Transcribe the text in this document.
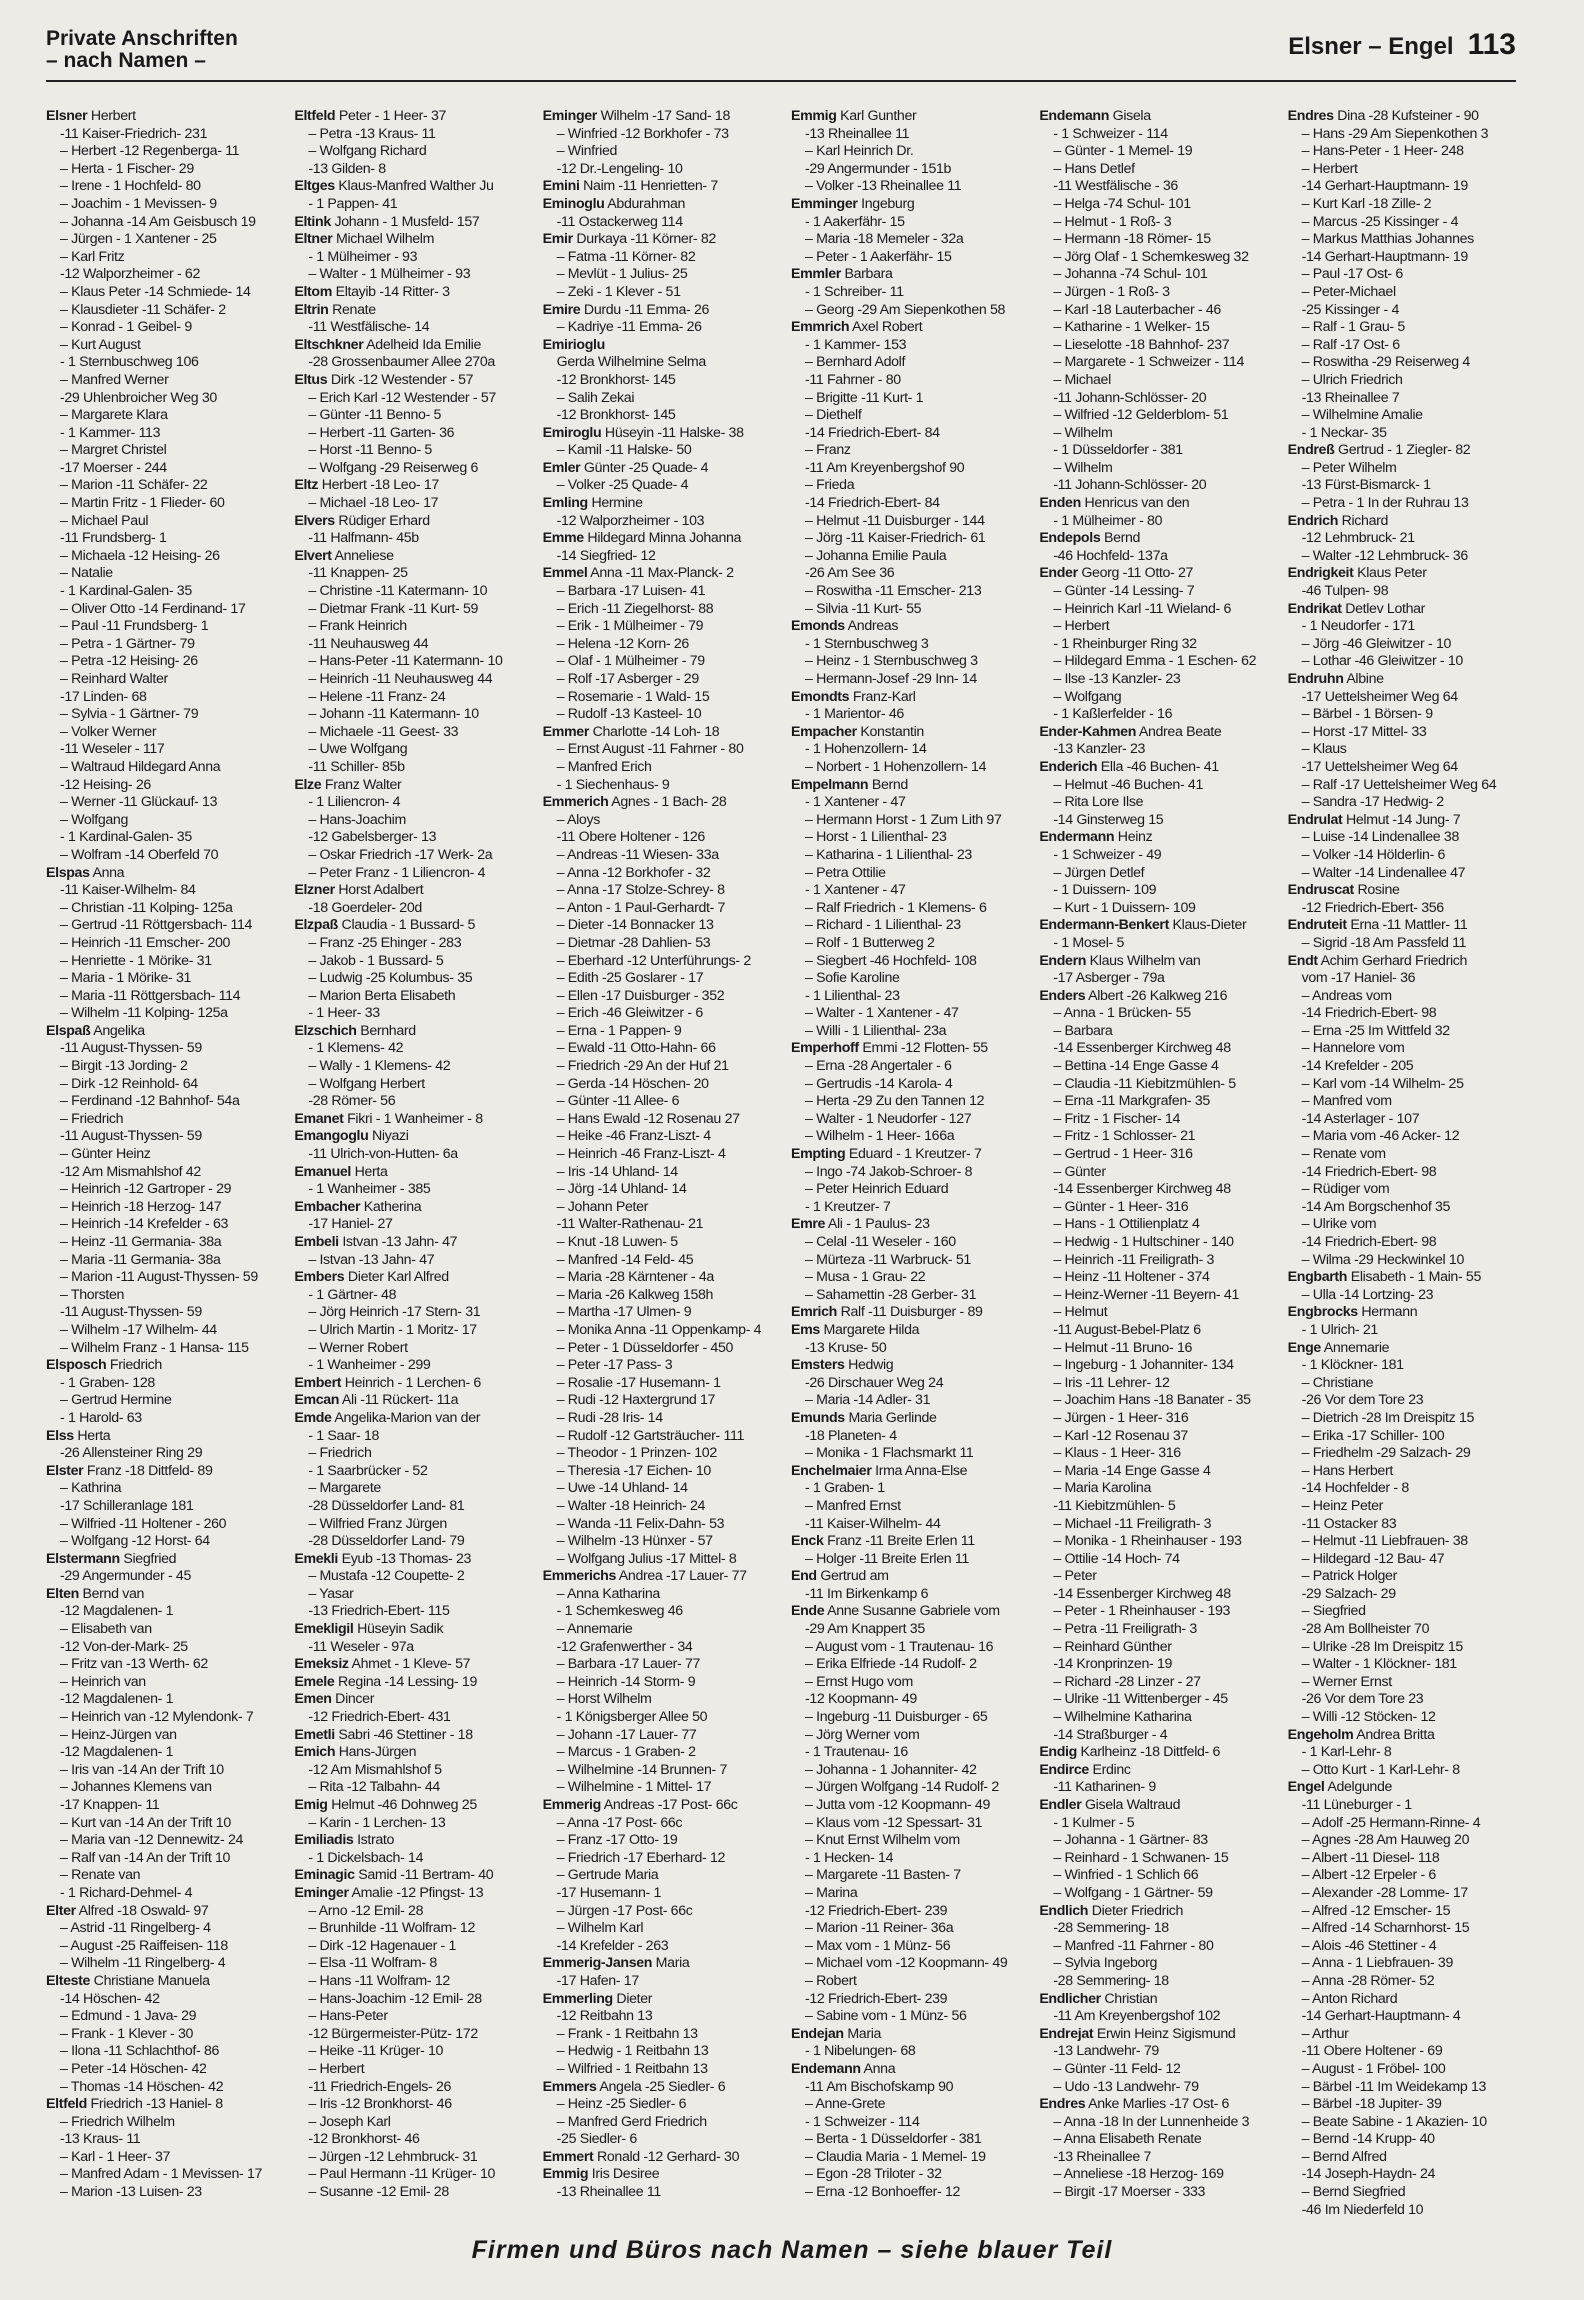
Private Anschriften
– nach Namen –
Elsner – Engel 113
Elsner Herbert
-11 Kaiser-Friedrich- 231
– Herbert -12 Regenberga- 11
– Herta - 1 Fischer- 29
– Irene - 1 Hochfeld- 80
– Joachim - 1 Mevissen- 9
– Johanna -14 Am Geisbusch 19
– Jürgen - 1 Xantener - 25
– Karl Fritz
-12 Walporzheimer - 62
– Klaus Peter -14 Schmiede- 14
– Klausdieter -11 Schäfer- 2
– Konrad - 1 Geibel- 9
– Kurt August
- 1 Sternbuschweg 106
– Manfred Werner
-29 Uhlenbroicher Weg 30
– Margarete Klara
- 1 Kammer- 113
– Margret Christel
-17 Moerser - 244
– Marion -11 Schäfer- 22
– Martin Fritz - 1 Flieder- 60
– Michael Paul
-11 Frundsberg- 1
– Michaela -12 Heising- 26
– Natalie
- 1 Kardinal-Galen- 35
– Oliver Otto -14 Ferdinand- 17
– Paul -11 Frundsberg- 1
– Petra - 1 Gärtner- 79
– Petra -12 Heising- 26
– Reinhard Walter
-17 Linden- 68
– Sylvia - 1 Gärtner- 79
– Volker Werner
-11 Weseler - 117
– Waltraud Hildegard Anna
-12 Heising- 26
– Werner -11 Glückauf- 13
– Wolfgang
- 1 Kardinal-Galen- 35
– Wolfram -14 Oberfeld 70
Elspas Anna
-11 Kaiser-Wilhelm- 84
– Christian -11 Kolping- 125a
– Gertrud -11 Röttgersbach- 114
– Heinrich -11 Emscher- 200
– Henriette - 1 Mörike- 31
– Maria - 1 Mörike- 31
– Maria -11 Röttgersbach- 114
– Wilhelm -11 Kolping- 125a
Elspaß Angelika
-11 August-Thyssen- 59
– Birgit -13 Jording- 2
– Dirk -12 Reinhold- 64
– Ferdinand -12 Bahnhof- 54a
– Friedrich
-11 August-Thyssen- 59
– Günter Heinz
-12 Am Mismahlshof 42
– Heinrich -12 Gartroper - 29
– Heinrich -18 Herzog- 147
– Heinrich -14 Krefelder - 63
– Heinz -11 Germania- 38a
– Maria -11 Germania- 38a
– Marion -11 August-Thyssen- 59
– Thorsten
-11 August-Thyssen- 59
– Wilhelm -17 Wilhelm- 44
– Wilhelm Franz - 1 Hansa- 115
Elsposch Friedrich
- 1 Graben- 128
– Gertrud Hermine
- 1 Harold- 63
Elss Herta
-26 Allensteiner Ring 29
Elster Franz -18 Dittfeld- 89
– Kathrina
-17 Schilleranlage 181
– Wilfried -11 Holtener - 260
– Wolfgang -12 Horst- 64
Elstermann Siegfried
-29 Angermunder - 45
Elten Bernd van
-12 Magdalenen- 1
– Elisabeth van
-12 Von-der-Mark- 25
– Fritz van -13 Werth- 62
– Heinrich van
-12 Magdalenen- 1
– Heinrich van -12 Mylendonk- 7
– Heinz-Jürgen van
-12 Magdalenen- 1
– Iris van -14 An der Trift 10
– Johannes Klemens van
-17 Knappen- 11
– Kurt van -14 An der Trift 10
– Maria van -12 Dennewitz- 24
– Ralf van -14 An der Trift 10
– Renate van
- 1 Richard-Dehmel- 4
Elter Alfred -18 Oswald- 97
– Astrid -11 Ringelberg- 4
– August -25 Raiffeisen- 118
– Wilhelm -11 Ringelberg- 4
Elteste Christiane Manuela
-14 Höschen- 42
– Edmund - 1 Java- 29
– Frank - 1 Klever - 30
– Ilona -11 Schlachthof- 86
– Peter -14 Höschen- 42
– Thomas -14 Höschen- 42
Eltfeld Friedrich -13 Haniel- 8
– Friedrich Wilhelm
-13 Kraus- 11
– Karl - 1 Heer- 37
– Manfred Adam - 1 Mevissen- 17
– Marion -13 Luisen- 23
Eltfeld Peter - 1 Heer- 37
– Petra -13 Kraus- 11
– Wolfgang Richard
-13 Gilden- 8
Eltges Klaus-Manfred Walther Ju
- 1 Pappen- 41
Eltink Johann - 1 Musfeld- 157
Eltner Michael Wilhelm
- 1 Mülheimer - 93
– Walter - 1 Mülheimer - 93
Eltom Eltayib -14 Ritter- 3
Eltrin Renate
-11 Westfälische- 14
Eltschkner Adelheid Ida Emilie
-28 Grossenbaumer Allee 270a
Eltus Dirk -12 Westender - 57
– Erich Karl -12 Westender - 57
– Günter -11 Benno- 5
– Herbert -11 Garten- 36
– Horst -11 Benno- 5
– Wolfgang -29 Reiserweg 6
Eltz Herbert -18 Leo- 17
– Michael -18 Leo- 17
Elvers Rüdiger Erhard
-11 Halfmann- 45b
Elvert Anneliese
-11 Knappen- 25
– Christine -11 Katermann- 10
– Dietmar Frank -11 Kurt- 59
– Frank Heinrich
-11 Neuhausweg 44
– Hans-Peter -11 Katermann- 10
– Heinrich -11 Neuhausweg 44
– Helene -11 Franz- 24
– Johann -11 Katermann- 10
– Michaele -11 Geest- 33
– Uwe Wolfgang
-11 Schiller- 85b
Elze Franz Walter
- 1 Liliencron- 4
– Hans-Joachim
-12 Gabelsberger- 13
– Oskar Friedrich -17 Werk- 2a
– Peter Franz - 1 Liliencron- 4
Elzner Horst Adalbert
-18 Goerdeler- 20d
Elzpaß Claudia - 1 Bussard- 5
– Franz -25 Ehinger - 283
– Jakob - 1 Bussard- 5
– Ludwig -25 Kolumbus- 35
– Marion Berta Elisabeth
- 1 Heer- 33
Elzschich Bernhard
- 1 Klemens- 42
– Wally - 1 Klemens- 42
– Wolfgang Herbert
-28 Römer- 56
Emanet Fikri - 1 Wanheimer - 8
Emangoglu Niyazi
-11 Ulrich-von-Hutten- 6a
Emanuel Herta
- 1 Wanheimer - 385
Embacher Katherina
-17 Haniel- 27
Embeli Istvan -13 Jahn- 47
– Istvan -13 Jahn- 47
Embers Dieter Karl Alfred
- 1 Gärtner- 48
– Jörg Heinrich -17 Stern- 31
– Ulrich Martin - 1 Moritz- 17
– Werner Robert
- 1 Wanheimer - 299
Embert Heinrich - 1 Lerchen- 6
Emcan Ali -11 Rückert- 11a
Emde Angelika-Marion van der
- 1 Saar- 18
– Friedrich
- 1 Saarbrücker - 52
– Margarete
-28 Düsseldorfer Land- 81
– Wilfried Franz Jürgen
-28 Düsseldorfer Land- 79
Emekli Eyub -13 Thomas- 23
– Mustafa -12 Coupette- 2
– Yasar
-13 Friedrich-Ebert- 115
Emekligil Hüseyin Sadik
-11 Weseler - 97a
Emeksiz Ahmet - 1 Kleve- 57
Emele Regina -14 Lessing- 19
Emen Dincer
-12 Friedrich-Ebert- 431
Emetli Sabri -46 Stettiner - 18
Emich Hans-Jürgen
-12 Am Mismahlshof 5
– Rita -12 Talbahn- 44
Emig Helmut -46 Dohnweg 25
– Karin - 1 Lerchen- 13
Emiliadis Istrato
- 1 Dickelsbach- 14
Eminagic Samid -11 Bertram- 40
Eminger Amalie -12 Pfingst- 13
– Arno -12 Emil- 28
– Brunhilde -11 Wolfram- 12
– Dirk -12 Hagenauer - 1
– Elsa -11 Wolfram- 8
– Hans -11 Wolfram- 12
– Hans-Joachim -12 Emil- 28
– Hans-Peter
-12 Bürgermeister-Pütz- 172
– Heike -11 Krüger- 10
– Herbert
-11 Friedrich-Engels- 26
– Iris -12 Bronkhorst- 46
– Joseph Karl
-12 Bronkhorst- 46
– Jürgen -12 Lehmbruck- 31
– Paul Hermann -11 Krüger- 10
– Susanne -12 Emil- 28
Eminger Wilhelm -17 Sand- 18
– Winfried -12 Borkhofer - 73
– Winfried
-12 Dr.-Lengeling- 10
Emini Naim -11 Henrietten- 7
Eminoglu Abdurahman
-11 Ostackerweg 114
Emir Durkaya -11 Körner- 82
– Fatma -11 Körner- 82
– Mevlüt - 1 Julius- 25
– Zeki - 1 Klever - 51
Emire Durdu -11 Emma- 26
– Kadriye -11 Emma- 26
Emirioglu
Gerda Wilhelmine Selma
-12 Bronkhorst- 145
– Salih Zekai
-12 Bronkhorst- 145
Emiroglu Hüseyin -11 Halske- 38
– Kamil -11 Halske- 50
Emler Günter -25 Quade- 4
– Volker -25 Quade- 4
Emling Hermine
-12 Walporzheimer - 103
Emme Hildegard Minna Johanna
-14 Siegfried- 12
Emmel Anna -11 Max-Planck- 2
– Barbara -17 Luisen- 41
– Erich -11 Ziegelhorst- 88
– Erik - 1 Mülheimer - 79
– Helena -12 Korn- 26
– Olaf - 1 Mülheimer - 79
– Rolf -17 Asberger - 29
– Rosemarie - 1 Wald- 15
– Rudolf -13 Kasteel- 10
Emmer Charlotte -14 Loh- 18
– Ernst August -11 Fahrner - 80
– Manfred Erich
- 1 Siechenhaus- 9
Emmerich Agnes - 1 Bach- 28
– Aloys
-11 Obere Holtener - 126
– Andreas -11 Wiesen- 33a
– Anna -12 Borkhofer - 32
– Anna -17 Stolze-Schrey- 8
– Anton - 1 Paul-Gerhardt- 7
– Dieter -14 Bonnacker 13
– Dietmar -28 Dahlien- 53
– Eberhard -12 Unterführungs- 2
– Edith -25 Goslarer - 17
– Ellen -17 Duisburger - 352
– Erich -46 Gleiwitzer - 6
– Erna - 1 Pappen- 9
– Ewald -11 Otto-Hahn- 66
– Friedrich -29 An der Huf 21
– Gerda -14 Höschen- 20
– Günter -11 Allee- 6
– Hans Ewald -12 Rosenau 27
– Heike -46 Franz-Liszt- 4
– Heinrich -46 Franz-Liszt- 4
– Iris -14 Uhland- 14
– Jörg -14 Uhland- 14
– Johann Peter
-11 Walter-Rathenau- 21
– Knut -18 Luwen- 5
– Manfred -14 Feld- 45
– Maria -28 Kärntener - 4a
– Maria -26 Kalkweg 158h
– Martha -17 Ulmen- 9
– Monika Anna -11 Oppenkamp- 4
– Peter - 1 Düsseldorfer - 450
– Peter -17 Pass- 3
– Rosalie -17 Husemann- 1
– Rudi -12 Haxtergrund 17
– Rudi -28 Iris- 14
– Rudolf -12 Gartsträucher- 111
– Theodor - 1 Prinzen- 102
– Theresia -17 Eichen- 10
– Uwe -14 Uhland- 14
– Walter -18 Heinrich- 24
– Wanda -11 Felix-Dahn- 53
– Wilhelm -13 Hünxer - 57
– Wolfgang Julius -17 Mittel- 8
Emmerichs Andrea -17 Lauer- 77
– Anna Katharina
- 1 Schemkesweg 46
– Annemarie
-12 Grafenwerther - 34
– Barbara -17 Lauer- 77
– Heinrich -14 Storm- 9
– Horst Wilhelm
- 1 Königsberger Allee 50
– Johann -17 Lauer- 77
– Marcus - 1 Graben- 2
– Wilhelmine -14 Brunnen- 7
– Wilhelmine - 1 Mittel- 17
Emmerig Andreas -17 Post- 66c
– Anna -17 Post- 66c
– Franz -17 Otto- 19
– Friedrich -17 Eberhard- 12
– Gertrude Maria
-17 Husemann- 1
– Jürgen -17 Post- 66c
– Wilhelm Karl
-14 Krefelder - 263
Emmerig-Jansen Maria
-17 Hafen- 17
Emmerling Dieter
-12 Reitbahn 13
– Frank - 1 Reitbahn 13
– Hedwig - 1 Reitbahn 13
– Wilfried - 1 Reitbahn 13
Emmers Angela -25 Siedler- 6
– Heinz -25 Siedler- 6
– Manfred Gerd Friedrich
-25 Siedler- 6
Emmert Ronald -12 Gerhard- 30
Emmig Iris Desiree
-13 Rheinallee 11
Emmig Karl Gunther
-13 Rheinallee 11
– Karl Heinrich Dr.
-29 Angermunder - 151b
– Volker -13 Rheinallee 11
Emminger Ingeburg
- 1 Aakerfähr- 15
– Maria -18 Memeler - 32a
– Peter - 1 Aakerfähr- 15
Emmler Barbara
- 1 Schreiber- 11
– Georg -29 Am Siepenkothen 58
Emmrich Axel Robert
- 1 Kammer- 153
– Bernhard Adolf
-11 Fahrner - 80
– Brigitte -11 Kurt- 1
– Diethelf
-14 Friedrich-Ebert- 84
– Franz
-11 Am Kreyenbergshof 90
– Frieda
-14 Friedrich-Ebert- 84
– Helmut -11 Duisburger - 144
– Jörg -11 Kaiser-Friedrich- 61
– Johanna Emilie Paula
-26 Am See 36
– Roswitha -11 Emscher- 213
– Silvia -11 Kurt- 55
Emonds Andreas
- 1 Sternbuschweg 3
– Heinz - 1 Sternbuschweg 3
– Hermann-Josef -29 Inn- 14
Emondts Franz-Karl
- 1 Marientor- 46
Empacher Konstantin
- 1 Hohenzollern- 14
– Norbert - 1 Hohenzollern- 14
Empelmann Bernd
- 1 Xantener - 47
– Hermann Horst - 1 Zum Lith 97
– Horst - 1 Lilienthal- 23
– Katharina - 1 Lilienthal- 23
– Petra Ottilie
- 1 Xantener - 47
– Ralf Friedrich - 1 Klemens- 6
– Richard - 1 Lilienthal- 23
– Rolf - 1 Butterweg 2
– Siegbert -46 Hochfeld- 108
– Sofie Karoline
- 1 Lilienthal- 23
– Walter - 1 Xantener - 47
– Willi - 1 Lilienthal- 23a
Emperhoff Emmi -12 Flotten- 55
– Erna -28 Angertaler - 6
– Gertrudis -14 Karola- 4
– Herta -29 Zu den Tannen 12
– Walter - 1 Neudorfer - 127
– Wilhelm - 1 Heer- 166a
Empting Eduard - 1 Kreutzer- 7
– Ingo -74 Jakob-Schroer- 8
– Peter Heinrich Eduard
- 1 Kreutzer- 7
Emre Ali - 1 Paulus- 23
– Celal -11 Weseler - 160
– Mürteza -11 Warbruck- 51
– Musa - 1 Grau- 22
– Sahamettin -28 Gerber- 31
Emrich Ralf -11 Duisburger - 89
Ems Margarete Hilda
-13 Kruse- 50
Emsters Hedwig
-26 Dirschauer Weg 24
– Maria -14 Adler- 31
Emunds Maria Gerlinde
-18 Planeten- 4
– Monika - 1 Flachsmarkt 11
Enchelmaier Irma Anna-Else
- 1 Graben- 1
– Manfred Ernst
-11 Kaiser-Wilhelm- 44
Enck Franz -11 Breite Erlen 11
– Holger -11 Breite Erlen 11
End Gertrud am
-11 Im Birkenkamp 6
Ende Anne Susanne Gabriele vom
-29 Am Knappert 35
– August vom - 1 Trautenau- 16
– Erika Elfriede -14 Rudolf- 2
– Ernst Hugo vom
-12 Koopmann- 49
– Ingeburg -11 Duisburger - 65
– Jörg Werner vom
- 1 Trautenau- 16
– Johanna - 1 Johanniter- 42
– Jürgen Wolfgang -14 Rudolf- 2
– Jutta vom -12 Koopmann- 49
– Klaus vom -12 Spessart- 31
– Knut Ernst Wilhelm vom
- 1 Hecken- 14
– Margarete -11 Basten- 7
– Marina
-12 Friedrich-Ebert- 239
– Marion -11 Reiner- 36a
– Max vom - 1 Münz- 56
– Michael vom -12 Koopmann- 49
– Robert
-12 Friedrich-Ebert- 239
– Sabine vom - 1 Münz- 56
Endejan Maria
- 1 Nibelungen- 68
Endemann Anna
-11 Am Bischofskamp 90
– Anne-Grete
- 1 Schweizer - 114
– Berta - 1 Düsseldorfer - 381
– Claudia Maria - 1 Memel- 19
– Egon -28 Triloter - 32
– Erna -12 Bonhoeffer- 12
Endemann Gisela
- 1 Schweizer - 114
– Günter - 1 Memel- 19
– Hans Detlef
-11 Westfälische - 36
– Helga -74 Schul- 101
– Helmut - 1 Roß- 3
– Hermann -18 Römer- 15
– Jörg Olaf - 1 Schemkesweg 32
– Johanna -74 Schul- 101
– Jürgen - 1 Roß- 3
– Karl -18 Lauterbacher - 46
– Katharine - 1 Welker- 15
– Lieselotte -18 Bahnhof- 237
– Margarete - 1 Schweizer - 114
– Michael
-11 Johann-Schlösser- 20
– Wilfried -12 Gelderblom- 51
– Wilhelm
- 1 Düsseldorfer - 381
– Wilhelm
-11 Johann-Schlösser- 20
Enden Henricus van den
- 1 Mülheimer - 80
Endepols Bernd
-46 Hochfeld- 137a
Ender Georg -11 Otto- 27
– Günter -14 Lessing- 7
– Heinrich Karl -11 Wieland- 6
– Herbert
- 1 Rheinburger Ring 32
– Hildegard Emma - 1 Eschen- 62
– Ilse -13 Kanzler- 23
– Wolfgang
- 1 Kaßlerfelder - 16
Ender-Kahmen Andrea Beate
-13 Kanzler- 23
Enderich Ella -46 Buchen- 41
– Helmut -46 Buchen- 41
– Rita Lore Ilse
-14 Ginsterweg 15
Endermann Heinz
- 1 Schweizer - 49
– Jürgen Detlef
- 1 Duissern- 109
– Kurt - 1 Duissern- 109
Endermann-Benkert Klaus-Dieter
- 1 Mosel- 5
Endern Klaus Wilhelm van
-17 Asberger - 79a
Enders Albert -26 Kalkweg 216
– Anna - 1 Brücken- 55
– Barbara
-14 Essenberger Kirchweg 48
– Bettina -14 Enge Gasse 4
– Claudia -11 Kiebitzmühlen- 5
– Erna -11 Markgrafen- 35
– Fritz - 1 Fischer- 14
– Fritz - 1 Schlosser- 21
– Gertrud - 1 Heer- 316
– Günter
-14 Essenberger Kirchweg 48
– Günter - 1 Heer- 316
– Hans - 1 Ottilienplatz 4
– Hedwig - 1 Hultschiner - 140
– Heinrich -11 Freiligrath- 3
– Heinz -11 Holtener - 374
– Heinz-Werner -11 Beyern- 41
– Helmut
-11 August-Bebel-Platz 6
– Helmut -11 Bruno- 16
– Ingeburg - 1 Johanniter- 134
– Iris -11 Lehrer- 12
– Joachim Hans -18 Banater - 35
– Jürgen - 1 Heer- 316
– Karl -12 Rosenau 37
– Klaus - 1 Heer- 316
– Maria -14 Enge Gasse 4
– Maria Karolina
-11 Kiebitzmühlen- 5
– Michael -11 Freiligrath- 3
– Monika - 1 Rheinhauser - 193
– Ottilie -14 Hoch- 74
– Peter
-14 Essenberger Kirchweg 48
– Peter - 1 Rheinhauser - 193
– Petra -11 Freiligrath- 3
– Reinhard Günther
-14 Kronprinzen- 19
– Richard -28 Linzer - 27
– Ulrike -11 Wittenberger - 45
– Wilhelmine Katharina
-14 Straßburger - 4
Endig Karlheinz -18 Dittfeld- 6
Endirce Erdinc
-11 Katharinen- 9
Endler Gisela Waltraud
- 1 Kulmer - 5
– Johanna - 1 Gärtner- 83
– Reinhard - 1 Schwanen- 15
– Winfried - 1 Schlich 66
– Wolfgang - 1 Gärtner- 59
Endlich Dieter Friedrich
-28 Semmering- 18
– Manfred -11 Fahrner - 80
– Sylvia Ingeborg
-28 Semmering- 18
Endlicher Christian
-11 Am Kreyenbergshof 102
Endrejat Erwin Heinz Sigismund
-13 Landwehr- 79
– Günter -11 Feld- 12
– Udo -13 Landwehr- 79
Endres Anke Marlies -17 Ost- 6
– Anna -18 In der Lunnenheide 3
– Anna Elisabeth Renate
-13 Rheinallee 7
– Anneliese -18 Herzog- 169
– Birgit -17 Moerser - 333
Endres Dina -28 Kufsteiner - 90
– Hans -29 Am Siepenkothen 3
– Hans-Peter - 1 Heer- 248
– Herbert
-14 Gerhart-Hauptmann- 19
– Kurt Karl -18 Zille- 2
– Marcus -25 Kissinger - 4
– Markus Matthias Johannes
-14 Gerhart-Hauptmann- 19
– Paul -17 Ost- 6
– Peter-Michael
-25 Kissinger - 4
– Ralf - 1 Grau- 5
– Ralf -17 Ost- 6
– Roswitha -29 Reiserweg 4
– Ulrich Friedrich
-13 Rheinallee 7
– Wilhelmine Amalie
- 1 Neckar- 35
Endreß Gertrud - 1 Ziegler- 82
– Peter Wilhelm
-13 Fürst-Bismarck- 1
– Petra - 1 In der Ruhrau 13
Endrich Richard
-12 Lehmbruck- 21
– Walter -12 Lehmbruck- 36
Endrigkeit Klaus Peter
-46 Tulpen- 98
Endrikat Detlev Lothar
- 1 Neudorfer - 171
– Jörg -46 Gleiwitzer - 10
– Lothar -46 Gleiwitzer - 10
Endruhn Albine
-17 Uettelsheimer Weg 64
– Bärbel - 1 Börsen- 9
– Horst -17 Mittel- 33
– Klaus
-17 Uettelsheimer Weg 64
– Ralf -17 Uettelsheimer Weg 64
– Sandra -17 Hedwig- 2
Endrulat Helmut -14 Jung- 7
– Luise -14 Lindenallee 38
– Volker -14 Hölderlin- 6
– Walter -14 Lindenallee 47
Endruscat Rosine
-12 Friedrich-Ebert- 356
Endruteit Erna -11 Mattler- 11
– Sigrid -18 Am Passfeld 11
Endt Achim Gerhard Friedrich
vom -17 Haniel- 36
– Andreas vom
-14 Friedrich-Ebert- 98
– Erna -25 Im Wittfeld 32
– Hannelore vom
-14 Krefelder - 205
– Karl vom -14 Wilhelm- 25
– Manfred vom
-14 Asterlager - 107
– Maria vom -46 Acker- 12
– Renate vom
-14 Friedrich-Ebert- 98
– Rüdiger vom
-14 Am Borgschenhof 35
– Ulrike vom
-14 Friedrich-Ebert- 98
– Wilma -29 Heckwinkel 10
Engbarth Elisabeth - 1 Main- 55
– Ulla -14 Lortzing- 23
Engbrocks Hermann
- 1 Ulrich- 21
Enge Annemarie
- 1 Klöckner- 181
– Christiane
-26 Vor dem Tore 23
– Dietrich -28 Im Dreispitz 15
– Erika -17 Schiller- 100
– Friedhelm -29 Salzach- 29
– Hans Herbert
-14 Hochfelder - 8
– Heinz Peter
-11 Ostacker 83
– Helmut -11 Liebfrauen- 38
– Hildegard -12 Bau- 47
– Patrick Holger
-29 Salzach- 29
– Siegfried
-28 Am Bollheister 70
– Ulrike -28 Im Dreispitz 15
– Walter - 1 Klöckner- 181
– Werner Ernst
-26 Vor dem Tore 23
– Willi -12 Stöcken- 12
Engeholm Andrea Britta
- 1 Karl-Lehr- 8
– Otto Kurt - 1 Karl-Lehr- 8
Engel Adelgunde
-11 Lüneburger - 1
– Adolf -25 Hermann-Rinne- 4
– Agnes -28 Am Hauweg 20
– Albert -11 Diesel- 118
– Albert -12 Erpeler - 6
– Alexander -28 Lomme- 17
– Alfred -12 Emscher- 15
– Alfred -14 Scharnhorst- 15
– Alois -46 Stettiner - 4
– Anna - 1 Liebfrauen- 39
– Anna -28 Römer- 52
– Anton Richard
-14 Gerhart-Hauptmann- 4
– Arthur
-11 Obere Holtener - 69
– August - 1 Fröbel- 100
– Bärbel -11 Im Weidekamp 13
– Bärbel -18 Jupiter- 39
– Beate Sabine - 1 Akazien- 10
– Bernd -14 Krupp- 40
– Bernd Alfred
-14 Joseph-Haydn- 24
– Bernd Siegfried
-46 Im Niederfeld 10
Firmen und Büros nach Namen – siehe blauer Teil
